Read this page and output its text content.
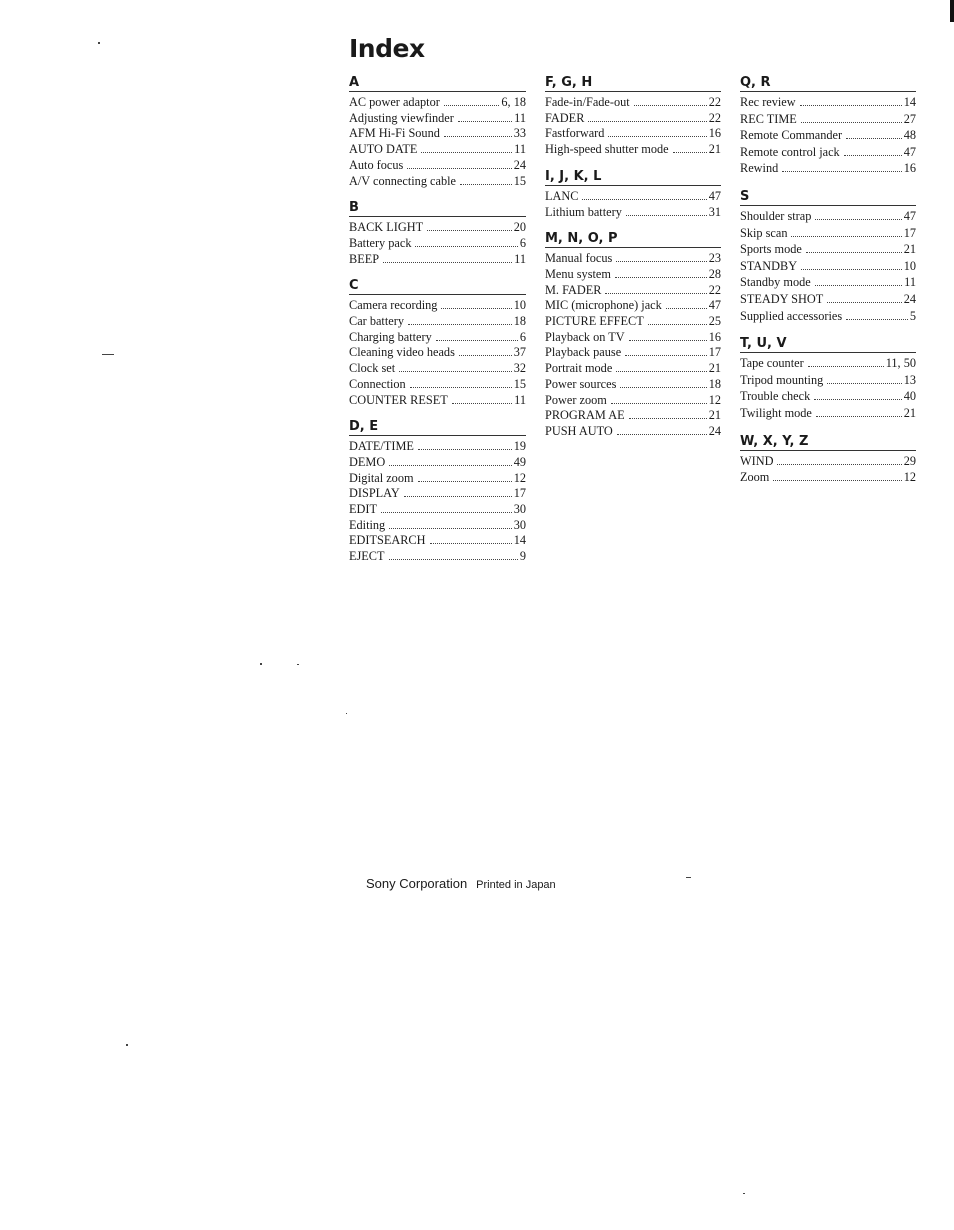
Index
A
AC power adaptor	6, 18
Adjusting viewfinder	11
AFM Hi-Fi Sound	33
AUTO DATE	11
Auto focus	24
A/V connecting cable	15
B
BACK LIGHT	20
Battery pack	6
BEEP	11
C
Camera recording	10
Car battery	18
Charging battery	6
Cleaning video heads	37
Clock set	32
Connection	15
COUNTER RESET	11
D, E
DATE/TIME	19
DEMO	49
Digital zoom	12
DISPLAY	17
EDIT	30
Editing	30
EDITSEARCH	14
EJECT	9
F, G, H
Fade-in/Fade-out	22
FADER	22
Fastforward	16
High-speed shutter mode	21
I, J, K, L
LANC	47
Lithium battery	31
M, N, O, P
Manual focus	23
Menu system	28
M. FADER	22
MIC (microphone) jack	47
PICTURE EFFECT	25
Playback on TV	16
Playback pause	17
Portrait mode	21
Power sources	18
Power zoom	12
PROGRAM AE	21
PUSH AUTO	24
Q, R
Rec review	14
REC TIME	27
Remote Commander	48
Remote control jack	47
Rewind	16
S
Shoulder strap	47
Skip scan	17
Sports mode	21
STANDBY	10
Standby mode	11
STEADY SHOT	24
Supplied accessories	5
T, U, V
Tape counter	11, 50
Tripod mounting	13
Trouble check	40
Twilight mode	21
W, X, Y, Z
WIND	29
Zoom	12
Sony Corporation Printed in Japan
